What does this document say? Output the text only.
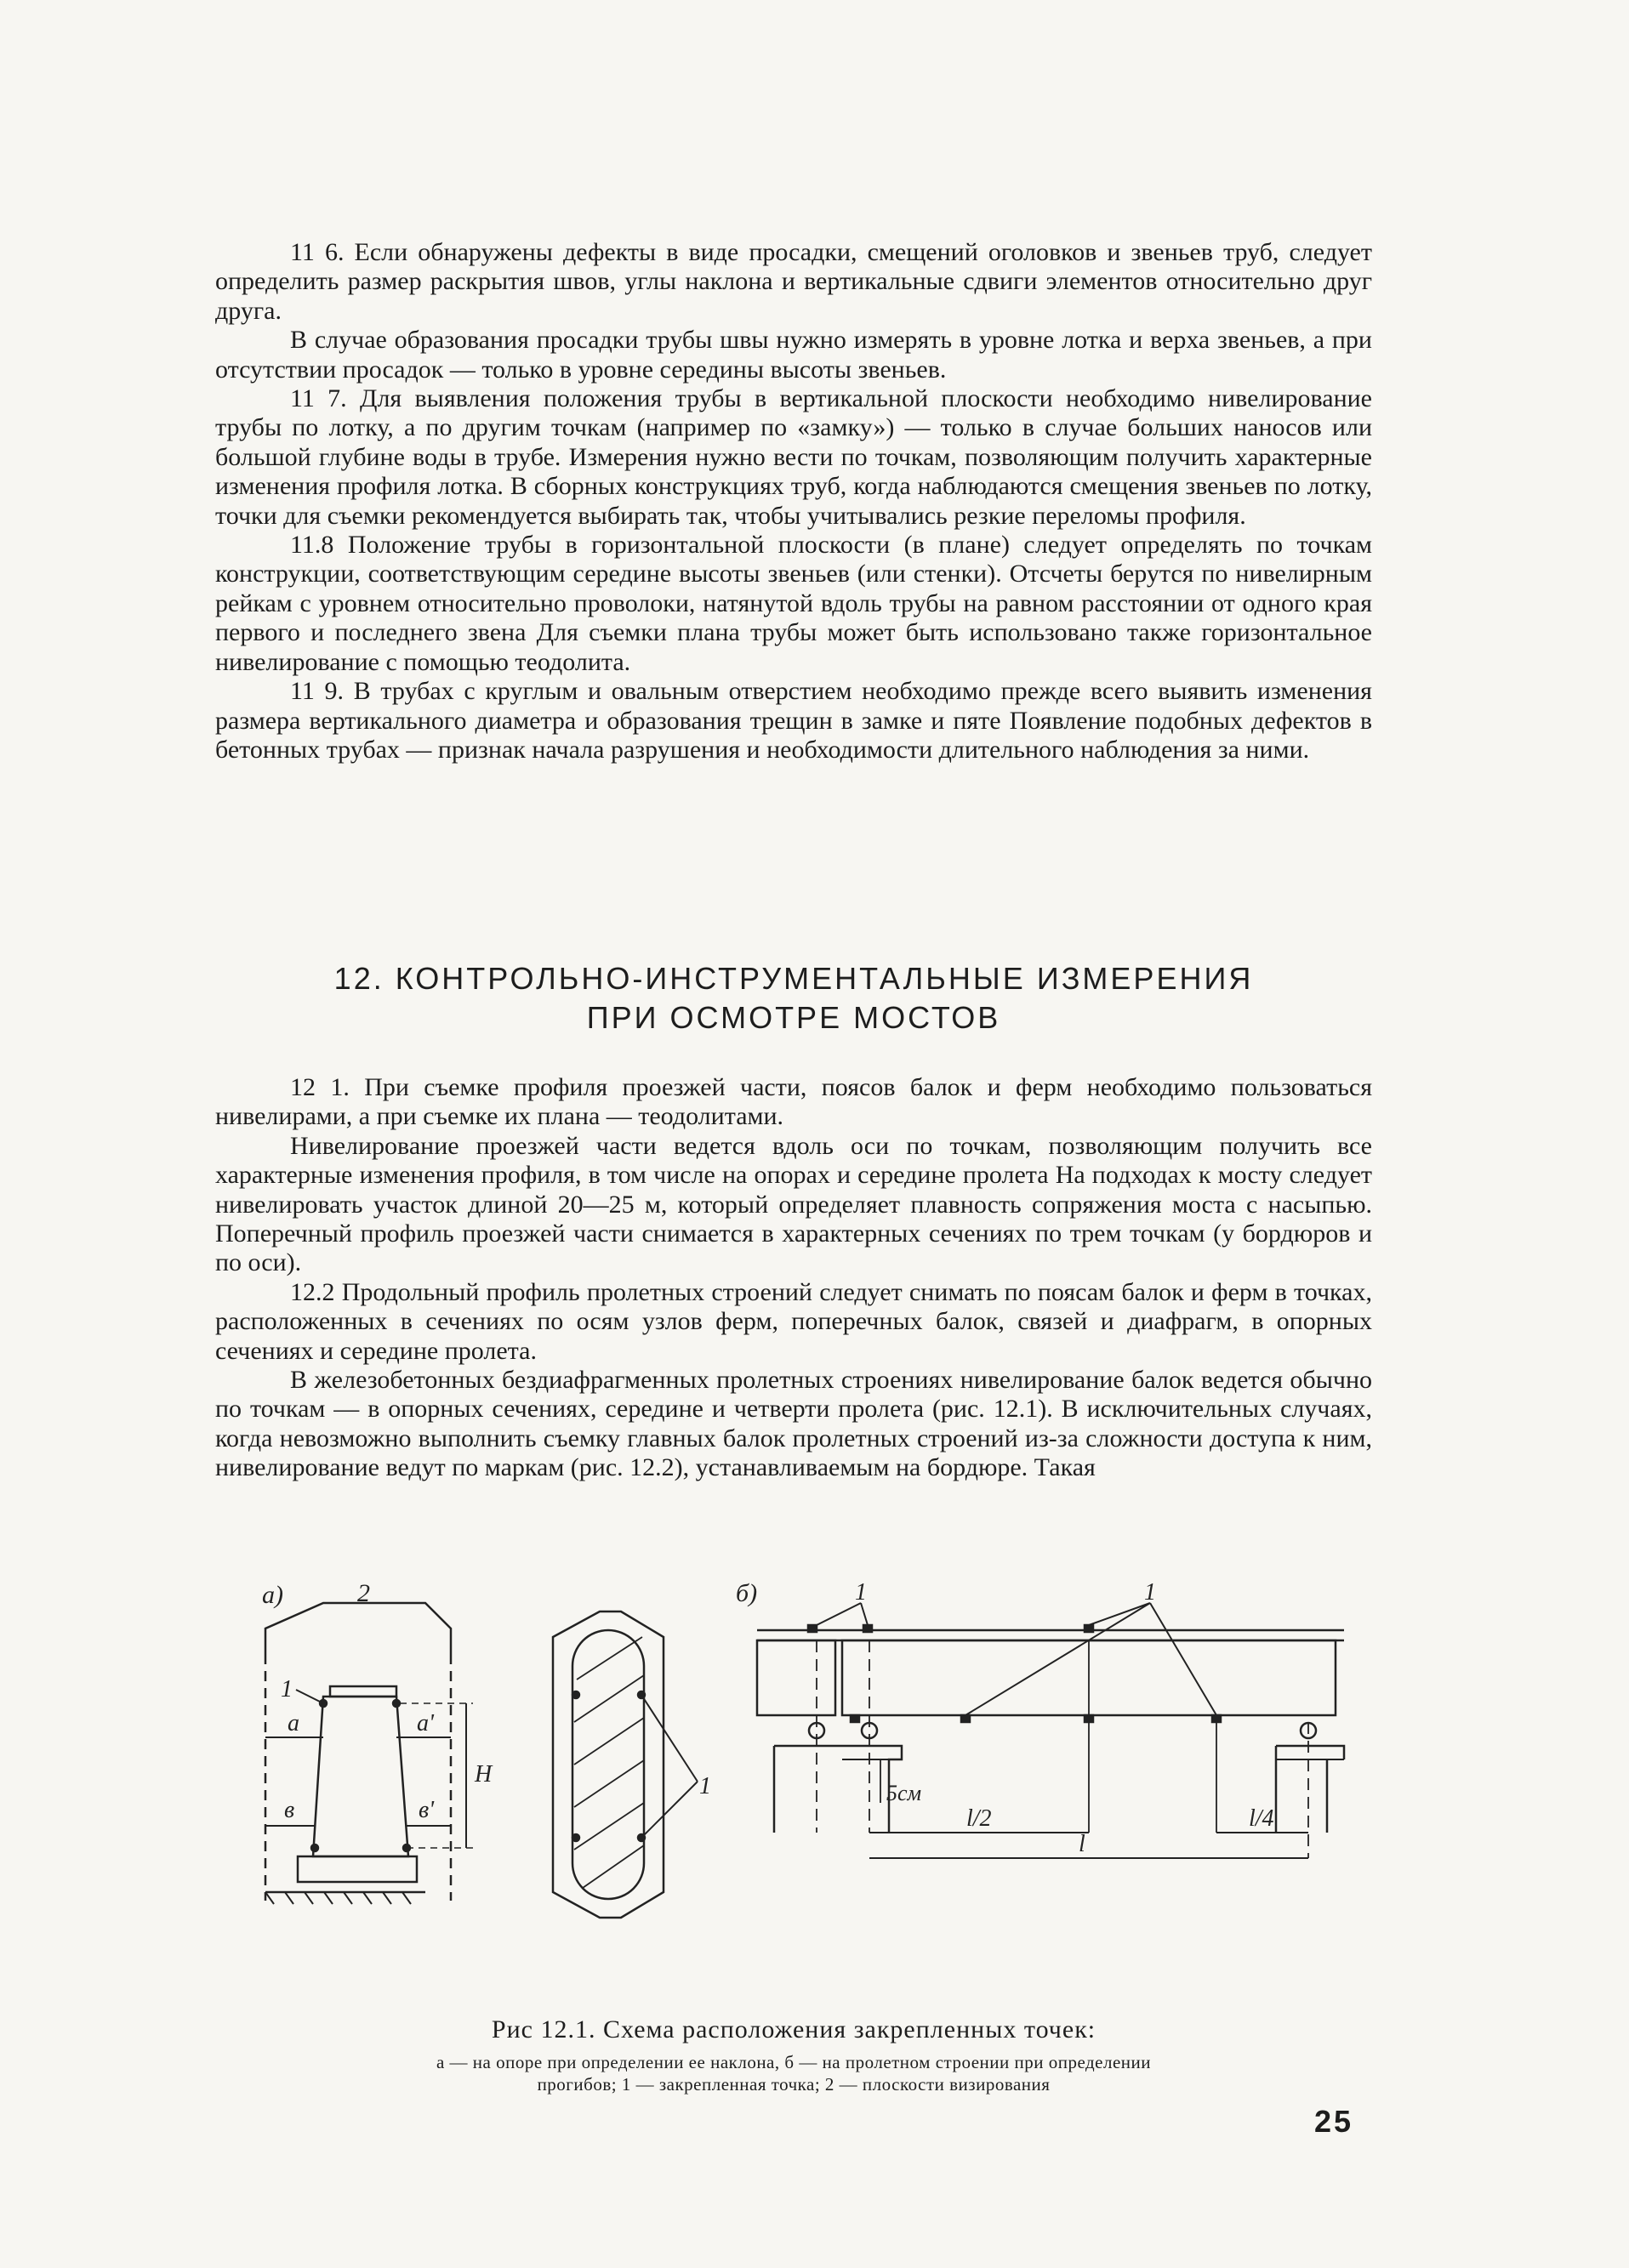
11 6. Если обнаружены дефекты в виде просадки, смещений оголовков и звеньев труб, следует определить размер раскрытия швов, углы наклона и вертикальные сдвиги элементов относительно друг друга.

В случае образования просадки трубы швы нужно измерять в уровне лотка и верха звеньев, а при отсутствии просадок — только в уровне середины высоты звеньев.

11 7. Для выявления положения трубы в вертикальной плоскости необходимо нивелирование трубы по лотку, а по другим точкам (например по «замку») — только в случае больших наносов или большой глубине воды в трубе. Измерения нужно вести по точкам, позволяющим получить характерные изменения профиля лотка. В сборных конструкциях труб, когда наблюдаются смещения звеньев по лотку, точки для съемки рекомендуется выбирать так, чтобы учитывались резкие переломы профиля.

11.8 Положение трубы в горизонтальной плоскости (в плане) следует определять по точкам конструкции, соответствующим середине высоты звеньев (или стенки). Отсчеты берутся по нивелирным рейкам с уровнем относительно проволоки, натянутой вдоль трубы на равном расстоянии от одного края первого и последнего звена Для съемки плана трубы может быть использовано также горизонтальное нивелирование с помощью теодолита.

11 9. В трубах с круглым и овальным отверстием необходимо прежде всего выявить изменения размера вертикального диаметра и образования трещин в замке и пяте Появление подобных дефектов в бетонных трубах — признак начала разрушения и необходимости длительного наблюдения за ними.

12. КОНТРОЛЬНО-ИНСТРУМЕНТАЛЬНЫЕ ИЗМЕРЕНИЯ
ПРИ ОСМОТРЕ МОСТОВ

12 1. При съемке профиля проезжей части, поясов балок и ферм необходимо пользоваться нивелирами, а при съемке их плана — теодолитами.

Нивелирование проезжей части ведется вдоль оси по точкам, позволяющим получить все характерные изменения профиля, в том числе на опорах и середине пролета На подходах к мосту следует нивелировать участок длиной 20—25 м, который определяет плавность сопряжения моста с насыпью. Поперечный профиль проезжей части снимается в характерных сечениях по трем точкам (у бордюров и по оси).

12.2 Продольный профиль пролетных строений следует снимать по поясам балок и ферм в точках, расположенных в сечениях по осям узлов ферм, поперечных балок, связей и диафрагм, в опорных сечениях и середине пролета.

В железобетонных бездиафрагменных пролетных строениях нивелирование балок ведется обычно по точкам — в опорных сечениях, середине и четверти пролета (рис. 12.1). В исключительных случаях, когда невозможно выполнить съемку главных балок пролетных строений из-за сложности доступа к ним, нивелирование ведут по маркам (рис. 12.2), устанавливаемым на бордюре. Такая

а)	2
1
а	а'
в	в'
Н	1
б)	1	1
5см
l/2	l/4
l
Рис 12.1. Схема расположения закрепленных точек:
а — на опоре при определении ее наклона, б — на пролетном строении при определении
прогибов; 1 — закрепленная точка; 2 — плоскости визирования
25
